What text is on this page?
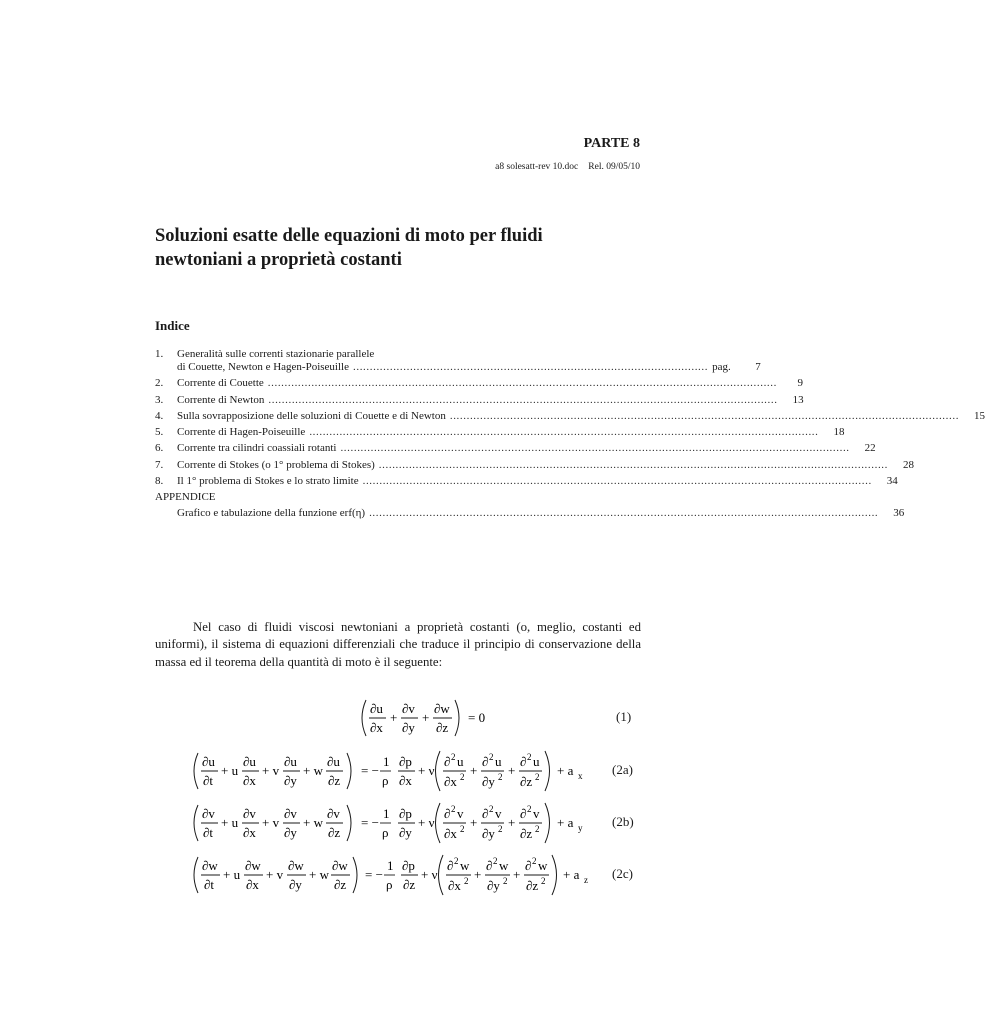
PARTE 8
a8 solesatt-rev 10.doc Rel. 09/05/10
Soluzioni esatte delle equazioni di moto per fluidi
newtoniani a proprietà costanti
Indice
1.	Generalità sulle correnti stazionarie parallele
di Couette, Newton e Hagen-Poiseuille .......................................................................................................... pag.	7
2.	Corrente di Couette ........................................................................................................................................................	9
3.	Corrente di Newton ........................................................................................................................................................	13
4.	Sulla sovrapposizione delle soluzioni di Couette e di Newton ........................................................................................................................................................	15
5.	Corrente di Hagen-Poiseuille ........................................................................................................................................................	18
6.	Corrente tra cilindri coassiali rotanti ........................................................................................................................................................	22
7.	Corrente di Stokes (o 1° problema di Stokes) ........................................................................................................................................................	28
8.	Il 1° problema di Stokes e lo strato limite ........................................................................................................................................................	34
APPENDICE
Grafico e tabulazione della funzione erf(η) ........................................................................................................................................................	36

Nel caso di fluidi viscosi newtoniani a proprietà costanti (o, meglio, costanti ed uniformi), il sistema di equazioni differenziali che traduce il principio di conservazione della massa ed il teorema della quantità di moto è il seguente:

∂u
∂x
+
∂v
∂y
+
∂w
∂z
= 0	(1)
∂u
∂t
+ u
∂u
∂x
+ v
∂u
∂y
+ w
∂u
∂z
= −
1
ρ
∂p
∂x
+ ν
∂ 2 u
∂x 2 +
∂ 2 u
∂y 2 +
∂ 2 u
∂z 2 + a x (2a)
∂v
∂t
+ u
∂v
∂x
+ v
∂v
∂y
+ w
∂v
∂z
= −
1
ρ
∂p
∂y
+ ν
∂ 2 v
∂x 2 +
∂ 2 v
∂y 2 +
∂ 2 v
∂z 2 + a y (2b)
∂w
∂t
+ u
∂w
∂x
+ v
∂w
∂y
+ w
∂w
∂z
= −
1
ρ
∂p
∂z
+ ν
∂ 2 w
∂x 2 +
∂ 2 w
∂y 2 +
∂ 2 w
∂z 2 + a z (2c)
